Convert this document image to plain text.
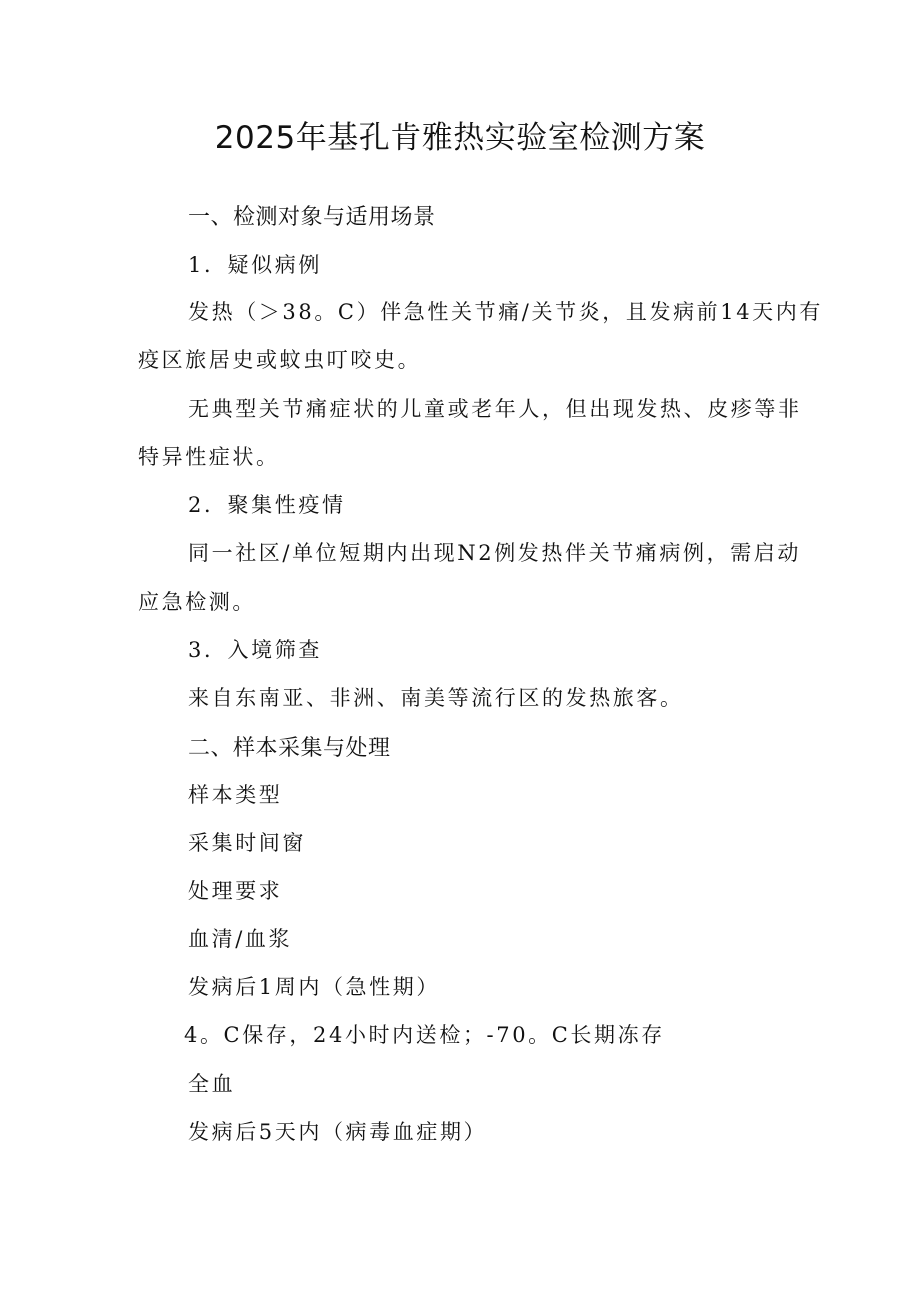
2025年基孔肯雅热实验室检测方案
一、检测对象与适用场景
1．疑似病例
发热（＞38。C）伴急性关节痛/关节炎，且发病前14天内有
疫区旅居史或蚊虫叮咬史。
无典型关节痛症状的儿童或老年人，但出现发热、皮疹等非
特异性症状。
2．聚集性疫情
同一社区/单位短期内出现N2例发热伴关节痛病例，需启动
应急检测。
3．入境筛查
来自东南亚、非洲、南美等流行区的发热旅客。
二、样本采集与处理
样本类型
采集时间窗
处理要求
血清/血浆
发病后1周内（急性期）
4。C保存，24小时内送检；-70。C长期冻存
全血
发病后5天内（病毒血症期）
